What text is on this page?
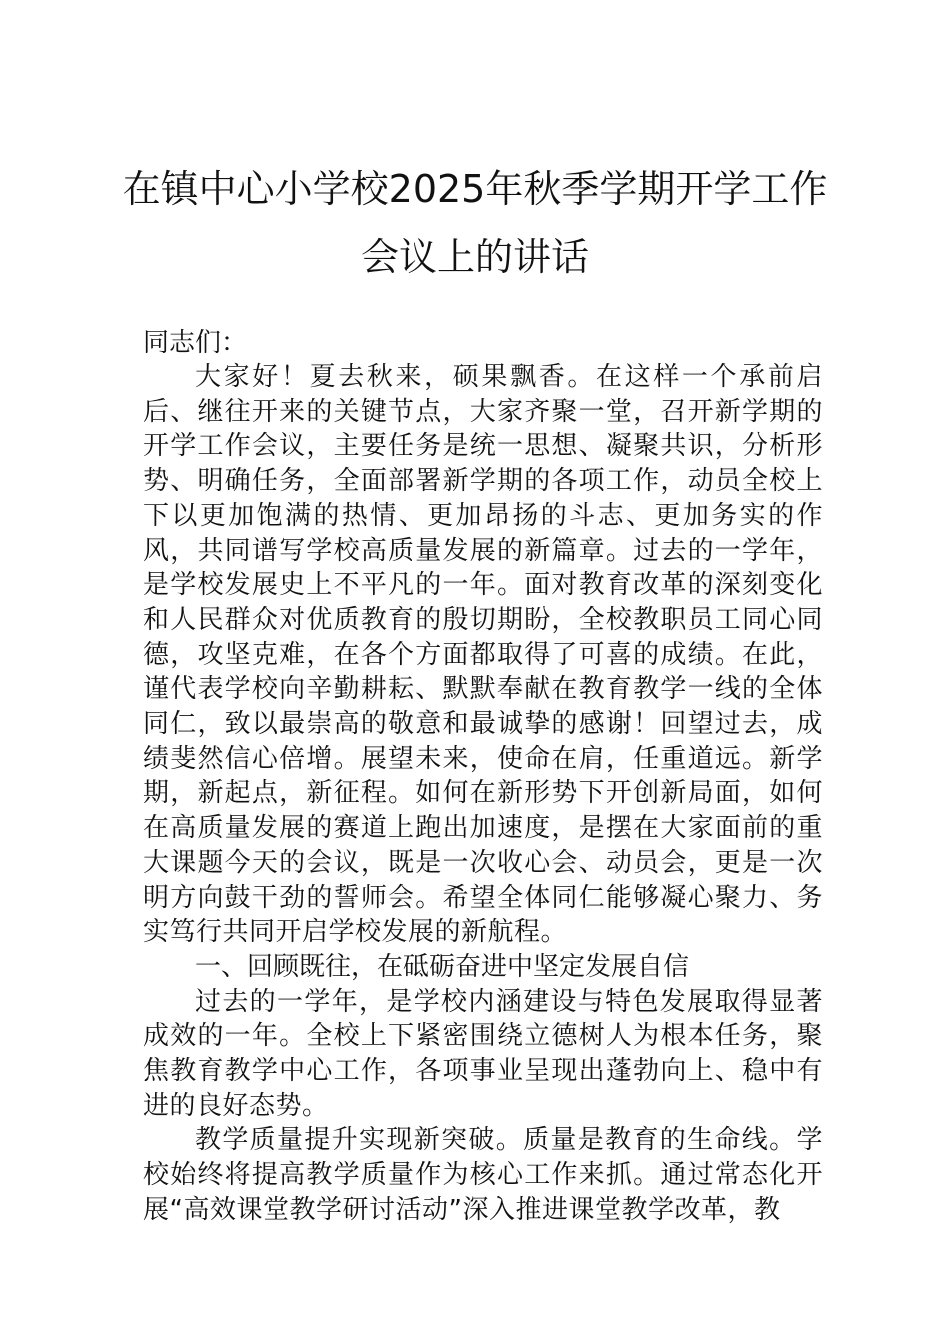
在镇中心小学校2025年秋季学期开学工作
会议上的讲话
同志们：

大家好！夏去秋来，硕果飘香。在这样一个承前启后、继往开来的关键节点，大家齐聚一堂，召开新学期的开学工作会议，主要任务是统一思想、凝聚共识，分析形势、明确任务，全面部署新学期的各项工作，动员全校上下以更加饱满的热情、更加昂扬的斗志、更加务实的作风，共同谱写学校高质量发展的新篇章。过去的一学年，是学校发展史上不平凡的一年。面对教育改革的深刻变化和人民群众对优质教育的殷切期盼，全校教职员工同心同德，攻坚克难，在各个方面都取得了可喜的成绩。在此，谨代表学校向辛勤耕耘、默默奉献在教育教学一线的全体同仁，致以最崇高的敬意和最诚挚的感谢！回望过去，成绩斐然信心倍增。展望未来，使命在肩，任重道远。新学期，新起点，新征程。如何在新形势下开创新局面，如何在高质量发展的赛道上跑出加速度，是摆在大家面前的重大课题今天的会议，既是一次收心会、动员会，更是一次明方向鼓干劲的誓师会。希望全体同仁能够凝心聚力、务实笃行共同开启学校发展的新航程。

一、回顾既往，在砥砺奋进中坚定发展自信

过去的一学年，是学校内涵建设与特色发展取得显著成效的一年。全校上下紧密围绕立德树人为根本任务，聚焦教育教学中心工作，各项事业呈现出蓬勃向上、稳中有进的良好态势。

教学质量提升实现新突破。质量是教育的生命线。学校始终将提高教学质量作为核心工作来抓。通过常态化开展“高效课堂教学研讨活动”深入推进课堂教学改革，教
